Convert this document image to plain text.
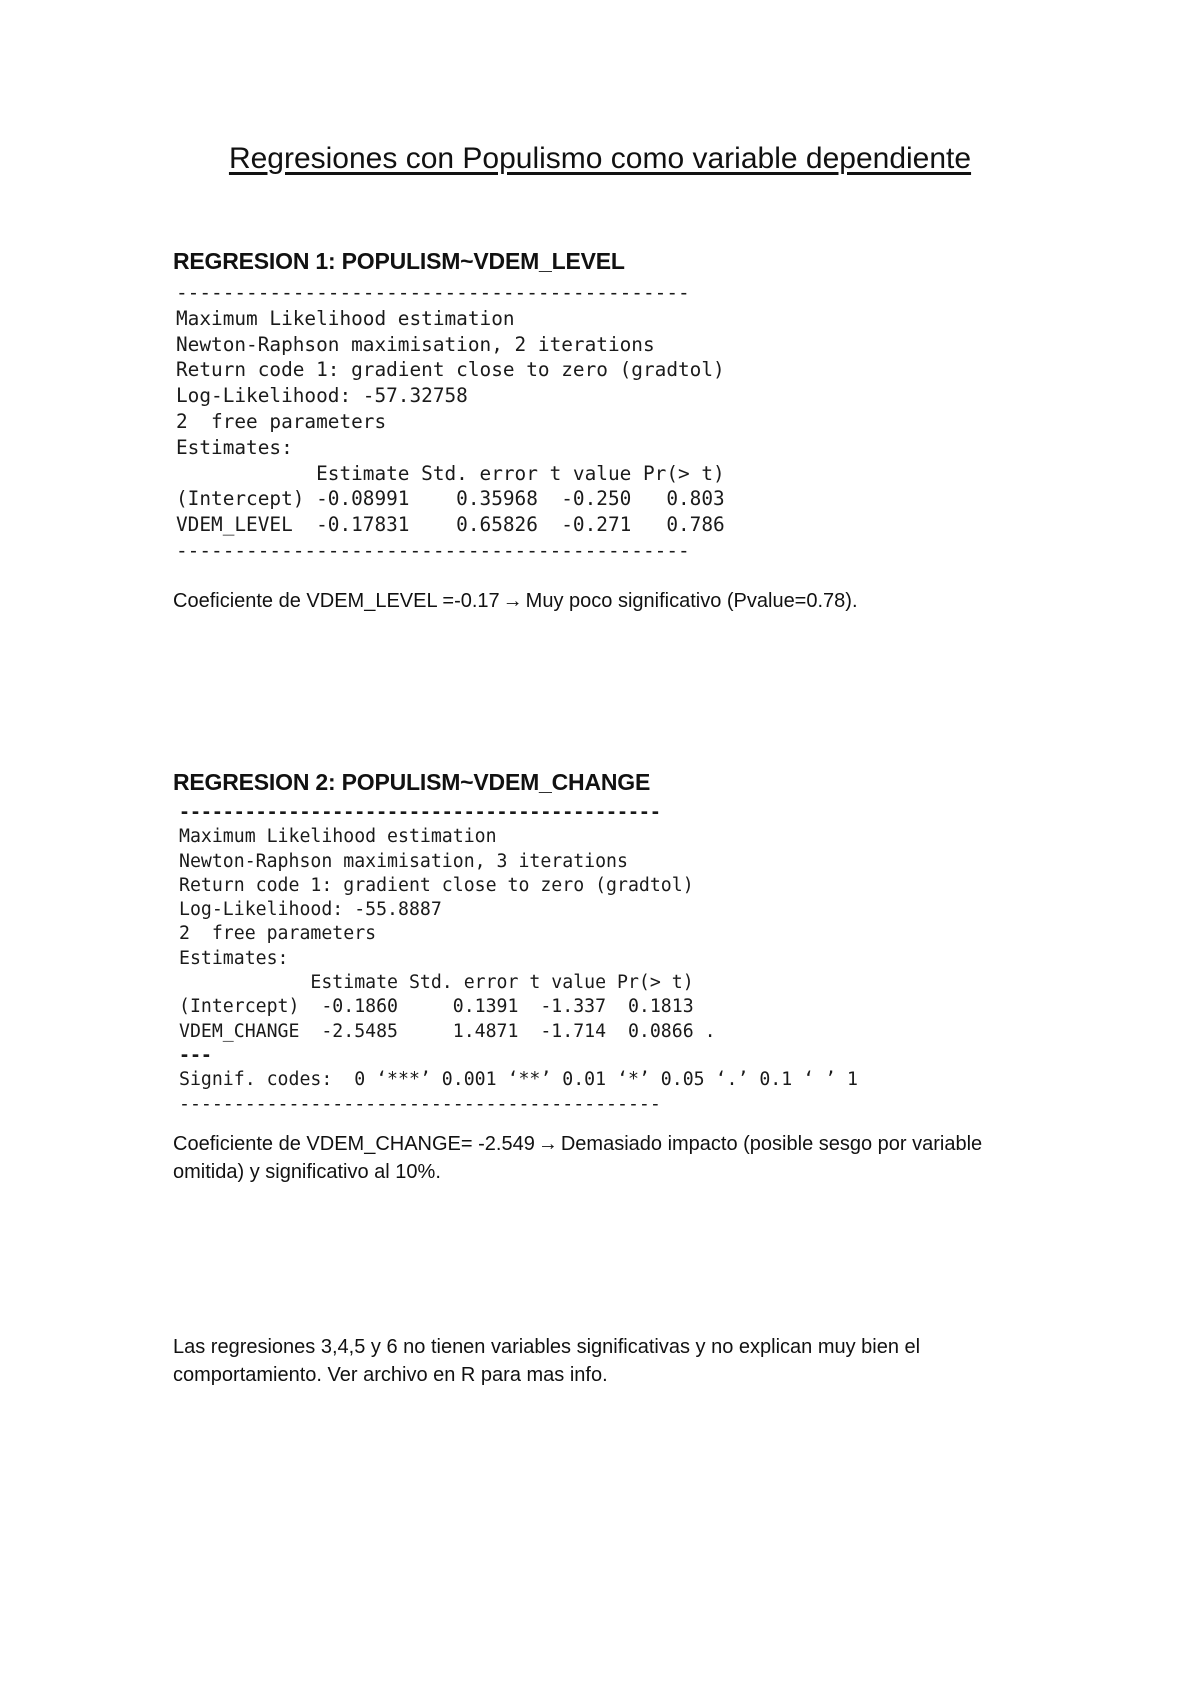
Regresiones con Populismo como variable dependiente
REGRESION 1: POPULISM~VDEM_LEVEL
--------------------------------------------
Maximum Likelihood estimation
Newton-Raphson maximisation, 2 iterations
Return code 1: gradient close to zero (gradtol)
Log-Likelihood: -57.32758
2  free parameters
Estimates:
Estimate Std. error t value Pr(> t)
(Intercept) -0.08991    0.35968  -0.250   0.803
VDEM_LEVEL  -0.17831    0.65826  -0.271   0.786
--------------------------------------------
Coeficiente de VDEM_LEVEL =-0.17 → Muy poco significativo (Pvalue=0.78).
REGRESION 2: POPULISM~VDEM_CHANGE
--------------------------------------------
Maximum Likelihood estimation
Newton-Raphson maximisation, 3 iterations
Return code 1: gradient close to zero (gradtol)
Log-Likelihood: -55.8887
2  free parameters
Estimates:
Estimate Std. error t value Pr(> t)
(Intercept)  -0.1860     0.1391  -1.337  0.1813
VDEM_CHANGE  -2.5485     1.4871  -1.714  0.0866 .
---
Signif. codes:  0 ‘***’ 0.001 ‘**’ 0.01 ‘*’ 0.05 ‘.’ 0.1 ‘ ’ 1
--------------------------------------------
Coeficiente de VDEM_CHANGE= -2.549 → Demasiado impacto (posible sesgo por variable omitida) y significativo al 10%.
Las regresiones 3,4,5 y 6 no tienen variables significativas y no explican muy bien el comportamiento. Ver archivo en R para mas info.
